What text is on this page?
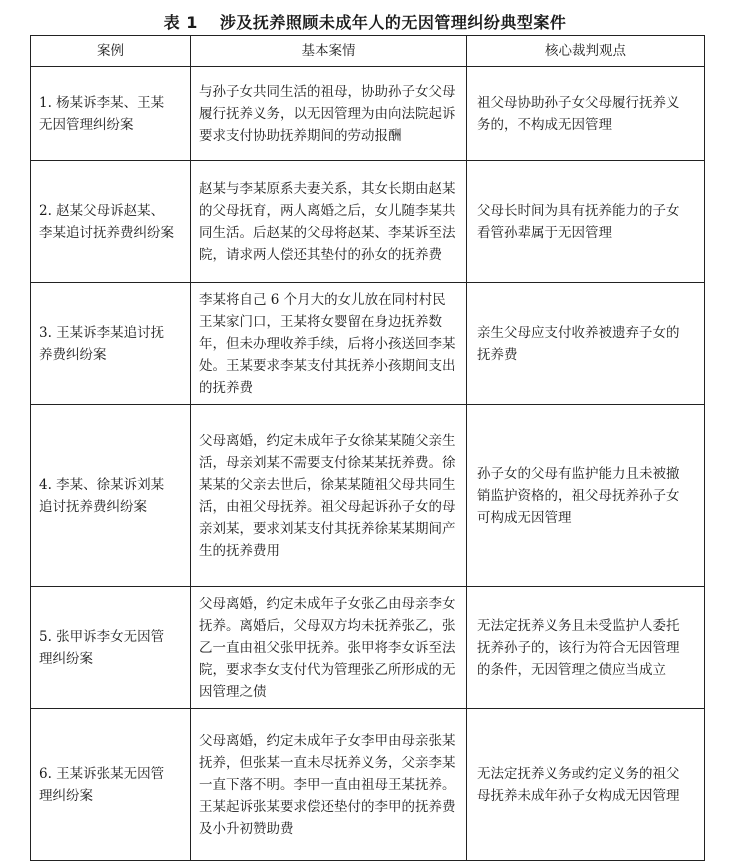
表 1 涉及抚养照顾未成年人的无因管理纠纷典型案件
案例	基本案情	核心裁判观点
1. 杨某诉李某、王某无因管理纠纷案	与孙子女共同生活的祖母，协助孙子女父母履行抚养义务，以无因管理为由向法院起诉要求支付协助抚养期间的劳动报酬	祖父母协助孙子女父母履行抚养义务的，不构成无因管理
2. 赵某父母诉赵某、李某追讨抚养费纠纷案	赵某与李某原系夫妻关系，其女长期由赵某的父母抚育，两人离婚之后，女儿随李某共同生活。后赵某的父母将赵某、李某诉至法院，请求两人偿还其垫付的孙女的抚养费	父母长时间为具有抚养能力的子女看管孙辈属于无因管理
3. 王某诉李某追讨抚养费纠纷案	李某将自己 6 个月大的女儿放在同村村民王某家门口，王某将女婴留在身边抚养数年，但未办理收养手续，后将小孩送回李某处。王某要求李某支付其抚养小孩期间支出的抚养费	亲生父母应支付收养被遗弃子女的抚养费
4. 李某、徐某诉刘某追讨抚养费纠纷案	父母离婚，约定未成年子女徐某某随父亲生活，母亲刘某不需要支付徐某某抚养费。徐某某的父亲去世后，徐某某随祖父母共同生活，由祖父母抚养。祖父母起诉孙子女的母亲刘某，要求刘某支付其抚养徐某某期间产生的抚养费用	孙子女的父母有监护能力且未被撤销监护资格的，祖父母抚养孙子女可构成无因管理
5. 张甲诉李女无因管理纠纷案	父母离婚，约定未成年子女张乙由母亲李女抚养。离婚后，父母双方均未抚养张乙，张乙一直由祖父张甲抚养。张甲将李女诉至法院，要求李女支付代为管理张乙所形成的无因管理之债	无法定抚养义务且未受监护人委托抚养孙子的，该行为符合无因管理的条件，无因管理之债应当成立
6. 王某诉张某无因管理纠纷案	父母离婚，约定未成年子女李甲由母亲张某抚养，但张某一直未尽抚养义务，父亲李某一直下落不明。李甲一直由祖母王某抚养。王某起诉张某要求偿还垫付的李甲的抚养费及小升初赞助费	无法定抚养义务或约定义务的祖父母抚养未成年孙子女构成无因管理
